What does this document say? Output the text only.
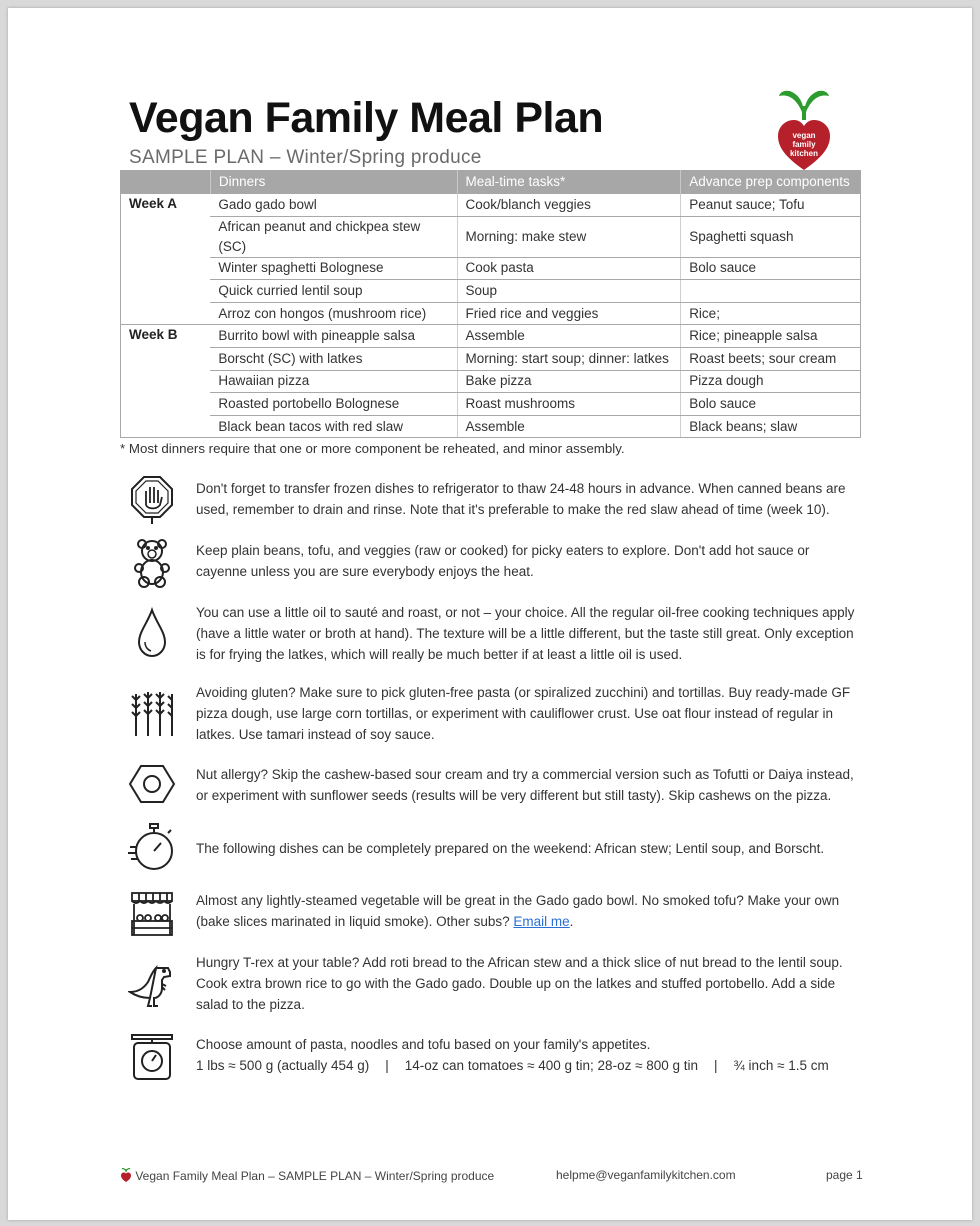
Vegan Family Meal Plan
SAMPLE PLAN – Winter/Spring produce
vegan
family
kitchen
	Dinners	Meal-time tasks*	Advance prep components
Week A	Gado gado bowl	Cook/blanch veggies	Peanut sauce; Tofu
	African peanut and chickpea stew (SC)	Morning: make stew	Spaghetti squash
	Winter spaghetti Bolognese	Cook pasta	Bolo sauce
	Quick curried lentil soup	Soup	
	Arroz con hongos (mushroom rice)	Fried rice and veggies	Rice;
Week B	Burrito bowl with pineapple salsa	Assemble	Rice; pineapple salsa
	Borscht (SC) with latkes	Morning: start soup; dinner: latkes	Roast beets; sour cream
	Hawaiian pizza	Bake pizza	Pizza dough
	Roasted portobello Bolognese	Roast mushrooms	Bolo sauce
	Black bean tacos with red slaw	Assemble	Black beans; slaw
* Most dinners require that one or more component be reheated, and minor assembly.
Don't forget to transfer frozen dishes to refrigerator to thaw 24-48 hours in advance. When canned beans are used, remember to drain and rinse. Note that it's preferable to make the red slaw ahead of time (week 10).
Keep plain beans, tofu, and veggies (raw or cooked) for picky eaters to explore. Don't add hot sauce or cayenne unless you are sure everybody enjoys the heat.
You can use a little oil to sauté and roast, or not – your choice. All the regular oil-free cooking techniques apply (have a little water or broth at hand). The texture will be a little different, but the taste still great. Only exception is for frying the latkes, which will really be much better if at least a little oil is used.
Avoiding gluten? Make sure to pick gluten-free pasta (or spiralized zucchini) and tortillas. Buy ready-made GF pizza dough, use large corn tortillas, or experiment with cauliflower crust. Use oat flour instead of regular in latkes. Use tamari instead of soy sauce.
Nut allergy? Skip the cashew-based sour cream and try a commercial version such as Tofutti or Daiya instead, or experiment with sunflower seeds (results will be very different but still tasty). Skip cashews on the pizza.
The following dishes can be completely prepared on the weekend: African stew; Lentil soup, and Borscht.
Almost any lightly-steamed vegetable will be great in the Gado gado bowl. No smoked tofu? Make your own (bake slices marinated in liquid smoke). Other subs? Email me.
Hungry T-rex at your table? Add roti bread to the African stew and a thick slice of nut bread to the lentil soup. Cook extra brown rice to go with the Gado gado. Double up on the latkes and stuffed portobello. Add a side salad to the pizza.
Choose amount of pasta, noodles and tofu based on your family's appetites.
1 lbs ≈ 500 g (actually 454 g) | 14-oz can tomatoes ≈ 400 g tin; 28-oz ≈ 800 g tin | ¾ inch ≈ 1.5 cm
Vegan Family Meal Plan – SAMPLE PLAN – Winter/Spring produce	helpme@veganfamilykitchen.com	page 1
